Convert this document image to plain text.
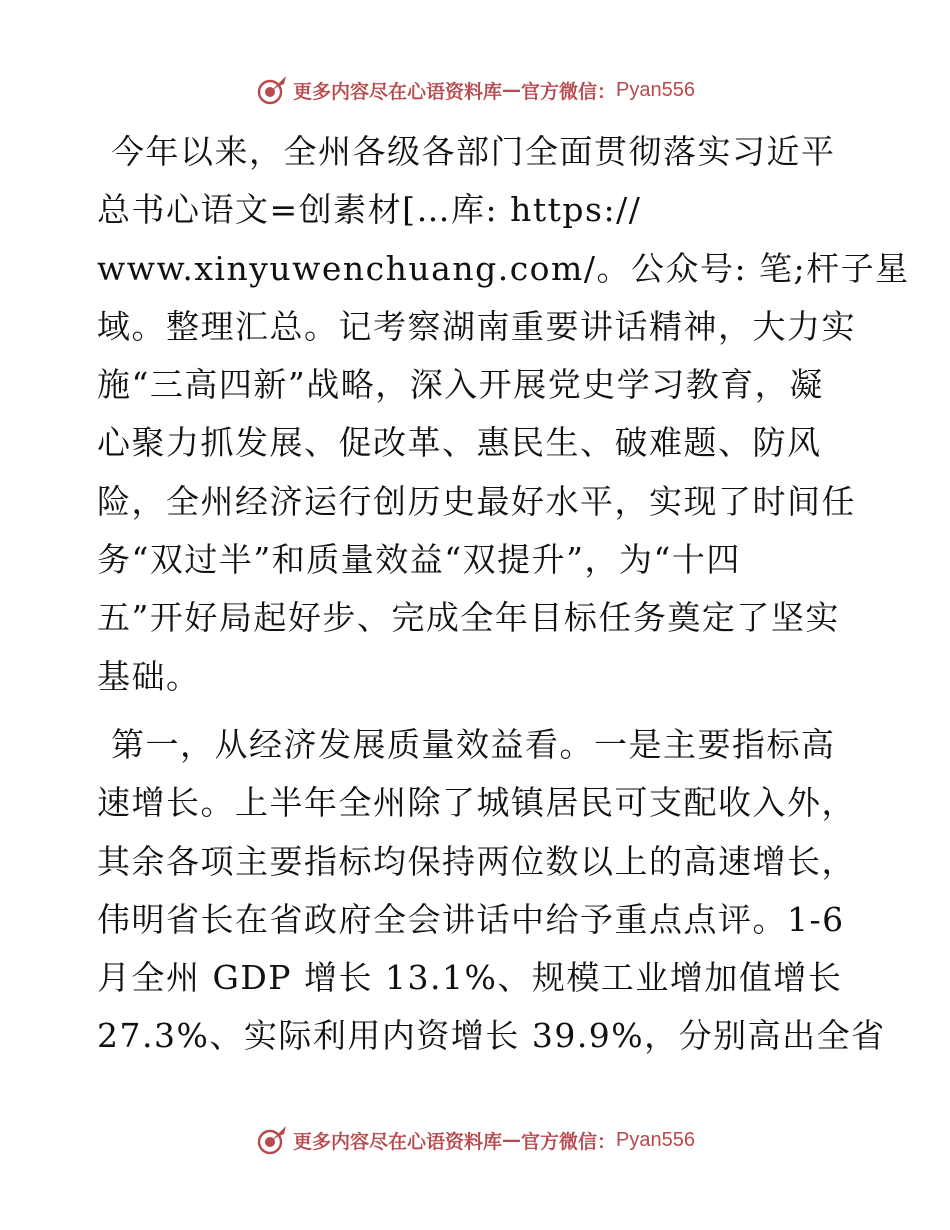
更多内容尽在心语资料库 — 官方微信： Pyan556

今年以来，全州各级各部门全面贯彻落实习近平
总书心语文=创素材[…库: https://
www.xinyuwenchuang.com/。公众号: 笔;杆子星
域。整理汇总。记考察湖南重要讲话精神，大力实
施“三高四新”战略，深入开展党史学习教育，凝
心聚力抓发展、促改革、惠民生、破难题、防风
险，全州经济运行创历史最好水平，实现了时间任
务“双过半”和质量效益“双提升”，为“十四
五”开好局起好步、完成全年目标任务奠定了坚实
基础。

第一，从经济发展质量效益看。一是主要指标高
速增长。上半年全州除了城镇居民可支配收入外，
其余各项主要指标均保持两位数以上的高速增长，
伟明省长在省政府全会讲话中给予重点点评。1-6
月全州 GDP 增长 13.1%、规模工业增加值增长
27.3%、实际利用内资增长 39.9%，分别高出全省

更多内容尽在心语资料库 — 官方微信： Pyan556
